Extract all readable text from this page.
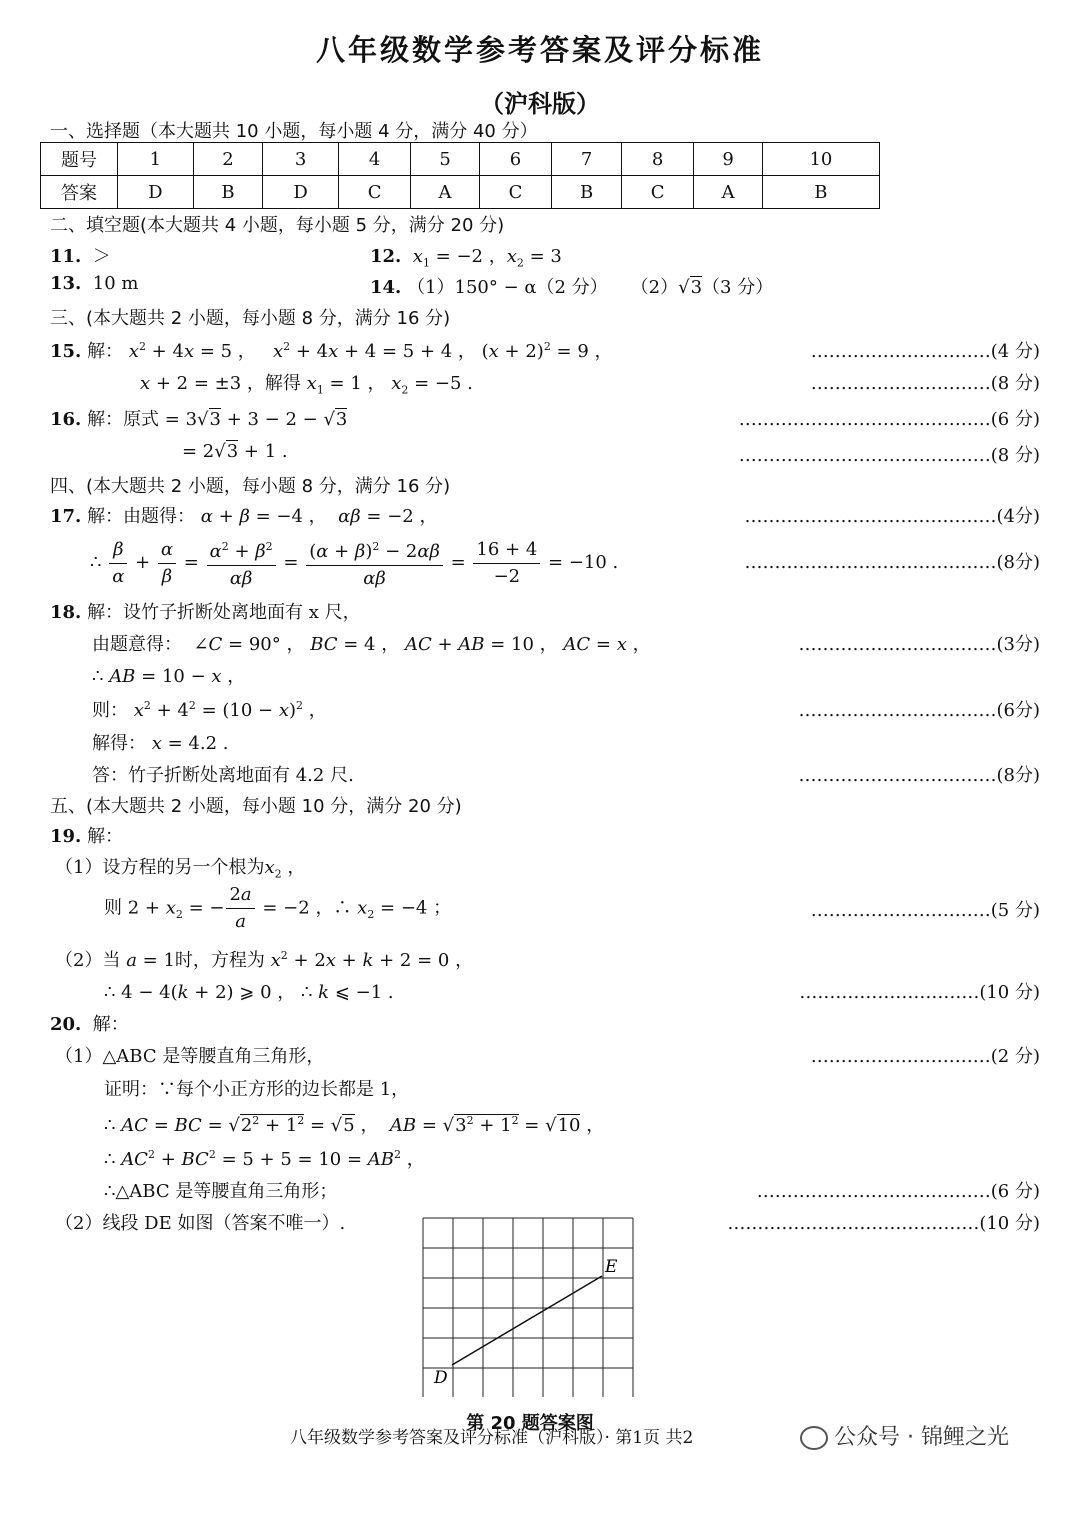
八年级数学参考答案及评分标准
（沪科版）
一、选择题（本大题共 10 小题，每小题 4 分，满分 40 分）
题号	1	2	3	4	5	6	7	8	9	10
答案	D	B	D	C	A	C	B	C	A	B
二、填空题(本大题共 4 小题，每小题 5 分，满分 20 分)
11. ＞	12. $x_1 = -2$ ，$x_2 = 3$
13. 10 m	14. （1）150° − α（2 分） （2）√3（3 分）
三、(本大题共 2 小题，每小题 8 分，满分 16 分)
15. 解： $x^2 + 4x = 5$ ，   $x^2 + 4x + 4 = 5 + 4$ ， $(x + 2)^2 = 9$ ，	…………………………(4 分)
x + 2 = ±3 ，解得 $x_1 = 1$ ， $x_2 = -5$ .	…………………………(8 分)
16. 解：原式 = 3√3 + 3 − 2 − √3	……………………………………(6 分)
= 2√3 + 1 .	……………………………………(8 分)
四、(本大题共 2 小题，每小题 8 分，满分 16 分)
17. 解：由题得： α + β = −4 ，  αβ = −2 ，	……………………………………(4分)
∴ $\frac{\beta}{\alpha} + \frac{\alpha}{\beta} = \frac{\alpha^2 + \beta^2}{\alpha\beta} = \frac{(\alpha + \beta)^2 - 2\alpha\beta}{\alpha\beta} = \frac{16 + 4}{-2} = -10$ .	……………………………………(8分)
18. 解：设竹子折断处离地面有 x 尺，
由题意得：  ∠C = 90° ， BC = 4 ， AC + AB = 10 ， AC = x ，	……………………………(3分)
∴ AB = 10 − x ，
则： $x^2 + 4^2 = (10 - x)^2$ ，	……………………………(6分)
解得： x = 4.2 .
答：竹子折断处离地面有 4.2 尺.	……………………………(8分)
五、(本大题共 2 小题，每小题 10 分，满分 20 分)
19. 解：
（1）设方程的另一个根为$x_2$ ，
则 $2 + x_2$ = − $\frac{2a}{a} = -2$ ，∴ $x_2 = -4$ ；	…………………………(5 分)
（2）当 a = 1时，方程为 $x^2 + 2x + k + 2 = 0$ ，
∴ 4 − 4(k + 2) ⩾ 0 ， ∴ k ⩽ −1 .	…………………………(10 分)
20. 解：
（1）△ABC 是等腰直角三角形，	…………………………(2 分)
证明：∵每个小正方形的边长都是 1，
∴ AC = BC = $√2^2 + 1^2 = √5$ ，  AB = $√3^2 + 1^2 = √10$ ，
∴ $AC^2 + BC^2 = 5 + 5 = 10 = AB^2$ ，
∴△ABC 是等腰直角三角形；	…………………………………(6 分)
（2）线段 DE 如图（答案不唯一）.	……………………………………(10 分)
D
E
第 20 题答案图
八年级数学参考答案及评分标准（沪科版）· 第1页 共2	公众号 · 锦鲤之光
